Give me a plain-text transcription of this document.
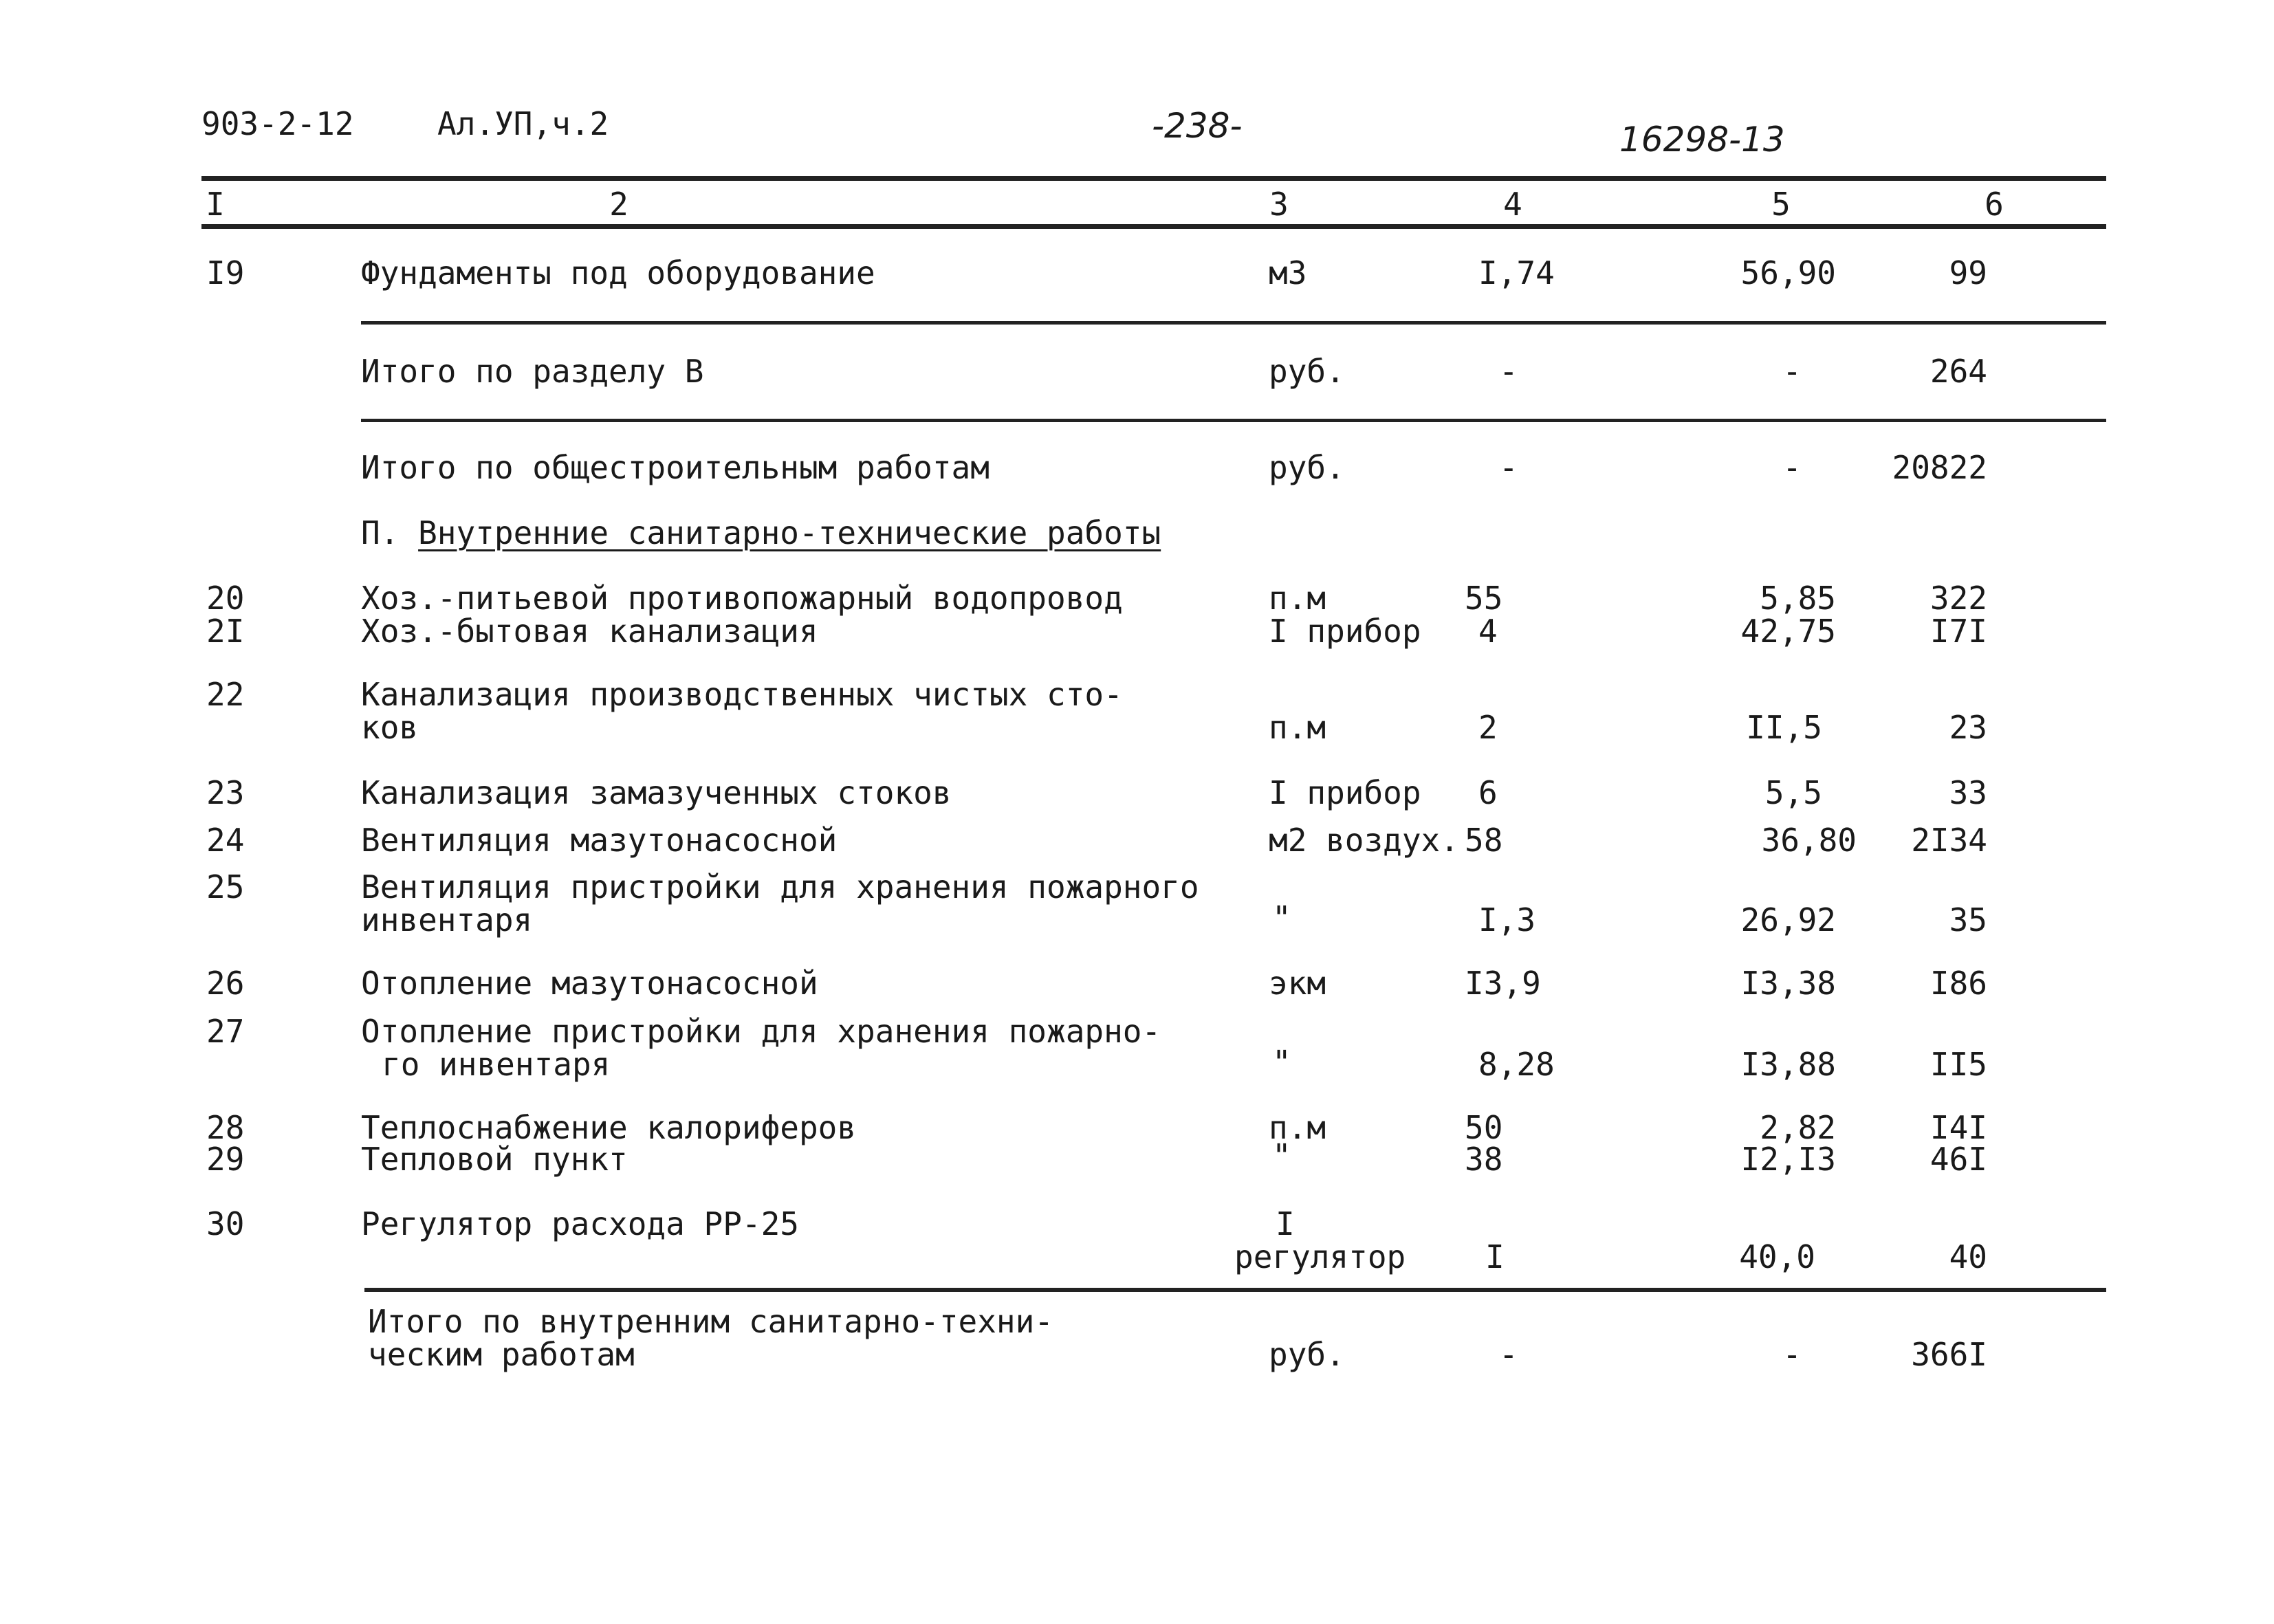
903-2-12	Ал.УП,ч.2	-238-	16298-13
I	2	3	4	5	6
I9	Фундаменты под оборудование	м3	I,74	56,90	99
Итого по разделу В	руб.	-	-	264
Итого по общестроительным работам	руб.	-	-	20822
П. Внутренние санитарно-технические работы
20	Хоз.-питьевой противопожарный водопровод	п.м	55	5,85	322
2I	Хоз.-бытовая канализация	I прибор 4	42,75	I7I
22	Канализация производственных чистых сто-
ков	п.м	2	II,5	23
23	Канализация замазученных стоков	I прибор 6	5,5	33
24	Вентиляция мазутонасосной	м2 воздух. 58	36,80	2I34
25	Вентиляция пристройки для хранения пожарного
инвентаря	"	I,3	26,92	35
26	Отопление мазутонасосной	экм	I3,9	I3,38	I86
27	Отопление пристройки для хранения пожарно-
го инвентаря	"	8,28	I3,88	II5
28	Теплоснабжение калориферов	п.м	50	2,82	I4I
29	Тепловой пункт	"	38	I2,I3	46I
30	Регулятор расхода РР-25	I
регулятор	I	40,0	40
Итого по внутренним санитарно-техни-
ческим работам	руб.	-	-	366I
